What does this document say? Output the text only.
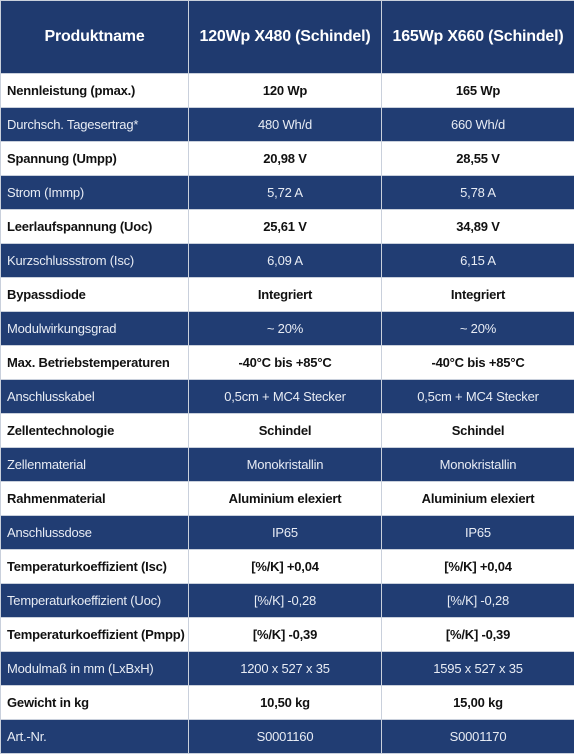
Produktname	120Wp X480 (Schindel)	165Wp X660 (Schindel)
Nennleistung (pmax.)	120 Wp	165 Wp
Durchsch. Tagesertrag*	480 Wh/d	660 Wh/d
Spannung (Umpp)	20,98 V	28,55 V
Strom (Immp)	5,72 A	5,78 A
Leerlaufspannung (Uoc)	25,61 V	34,89 V
Kurzschlussstrom (Isc)	6,09 A	6,15 A
Bypassdiode	Integriert	Integriert
Modulwirkungsgrad	~ 20%	~ 20%
Max. Betriebstemperaturen	-40°C bis +85°C	-40°C bis +85°C
Anschlusskabel	0,5cm + MC4 Stecker	0,5cm + MC4 Stecker
Zellentechnologie	Schindel	Schindel
Zellenmaterial	Monokristallin	Monokristallin
Rahmenmaterial	Aluminium elexiert	Aluminium elexiert
Anschlussdose	IP65	IP65
Temperaturkoeffizient (Isc)	[%/K] +0,04	[%/K] +0,04
Temperaturkoeffizient (Uoc)	[%/K] -0,28	[%/K] -0,28
Temperaturkoeffizient (Pmpp)	[%/K] -0,39	[%/K] -0,39
Modulmaß in mm (LxBxH)	1200 x 527 x 35	1595 x 527 x 35
Gewicht in kg	10,50 kg	15,00 kg
Art.-Nr.	S0001160	S0001170
